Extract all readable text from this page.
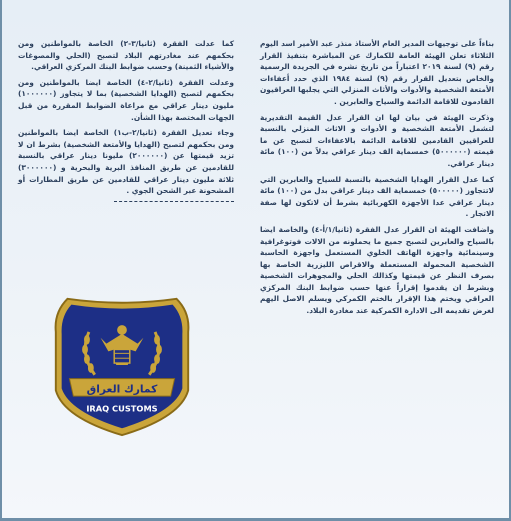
بناءاً على توجيهات المدير العام الأستاذ منذر عبد الأمير اسد اليوم الثلاثاء تعلن الهيئة العامة للكمارك عن المباشرة بتنفيذ القرار رقم (٩) لسنة ٢٠١٩ اعتباراً من تاريخ نشره في الجريدة الرسمية والخاص بتعديل القرار رقم (٩) لسنة ١٩٨٤ الذي حدد أعفاءات الأمتعة الشخصية والأدوات والأثاث المنزلي التي يجلبها العراقيون القادمون للاقامة الدائمة والسياح والعابرين .

وذكرت الهيئة في بيان لها ان القرار عدل القيمة التقديرية لتشمل الأمتعة الشخصية و الأدوات و الاثاث المنزلي بالنسبة للعراقيين القادمين للاقامة الدائمة بالاعفاءات لتصبح عن ما قيمته (٥٠٠٠٠٠٠) خمسماية الف دينار عراقي بدلاً من (١٠٠) مائة دينار عراقي.

كما عدل القرار الهدايا الشخصية بالنسبة للسياح والعابرين التي لاتتجاوز (٥٠٠٠٠٠) خمسماية الف دينار عراقي بدل من (١٠٠) مائة دينار عراقي عدا الأجهزة الكهربائية بشرط أن لاتكون لها صفة الاتجار .

واضافت الهيئة ان القرار عدل الفقرة (ثانيا/١/أ-٤) والخاصة ايضا بالسياح والعابرين لتصبح جميع ما يحملونه من الالات فوتوغرافية وسينمائية واجهزة الهاتف الخلوي المستعمل واجهزة الحاسبة الشخصية المحمولة المستعملة والاقراص الليزرية الخاصة بها بصرف النظر عن قيمتها وكذالك الحلي والمجوهرات الشخصية وبشرط ان يقدموا إقراراً عنها حسب ضوابط البنك المركزي العراقي ويختم هذا الإقرار بالختم الكمركي ويسلم الاصل اليهم لغرض تقديمه الى الادارة الكمركية عند مغادرة البلاد.

كما عدلت الفقرة (ثانيا/٣-٢) الخاصة بالمواطنين ومن بحكمهم عند مغادرتهم البلاد لتصبح (الحلي والمصوغات والأشياء الثمينة) وحسب ضوابط البنك المركزي العراقي.

وعدلت الفقرة (ثانيا/٢-٤) الخاصة ايضا بالمواطنين ومن بحكمهم لتصبح (الهدايا الشخصية) بما لا يتجاوز (١٠٠٠٠٠٠) مليون دينار عراقي مع مراعاة الضوابط المقررة من قبل الجهات المختصة بهذا الشأن.

وجاء تعديل الفقرة (ثانيا/٢-ب١) الخاصة ايضا بالمواطنين ومن بحكمهم لتصبح (الهدايا والأمتعة الشخصية) بشرط ان لا تزيد قيمتها عن (٢٠٠٠٠٠٠) مليونا دينار عراقي بالنسبة للقادمين عن طريق المنافذ البرية والبحرية و (٣٠٠٠٠٠٠) ثلاثة مليون دينار عراقي للقادمين عن طريق المطارات أو المشحونة عبر الشحن الجوي .

كمارك العراق
IRAQ CUSTOMS
